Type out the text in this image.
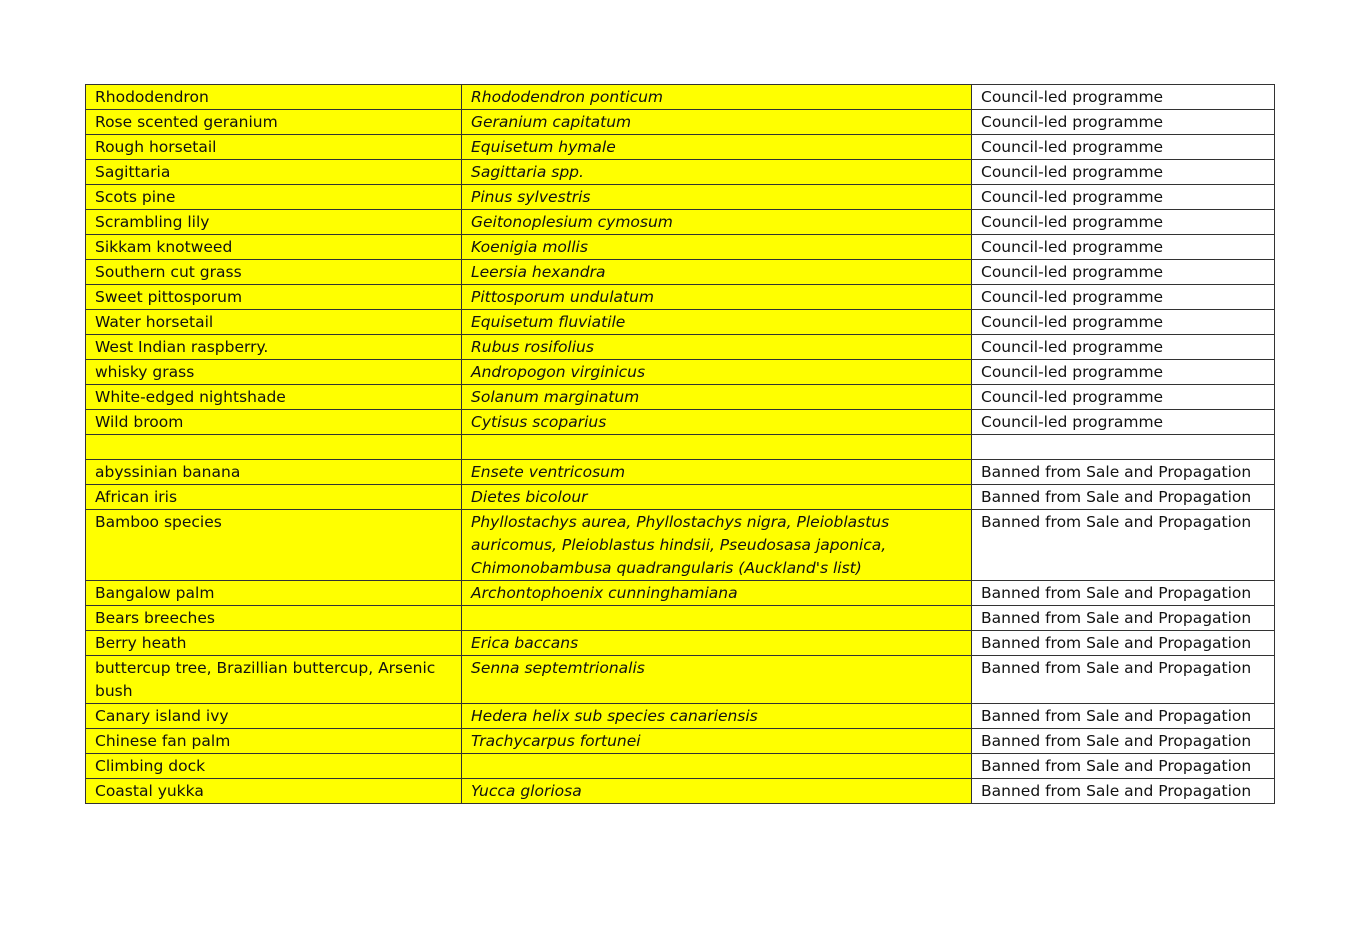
Rhododendron	Rhododendron ponticum	Council-led programme
Rose scented geranium	Geranium capitatum	Council-led programme
Rough horsetail	Equisetum hymale	Council-led programme
Sagittaria	Sagittaria spp.	Council-led programme
Scots pine	Pinus sylvestris	Council-led programme
Scrambling lily	Geitonoplesium cymosum	Council-led programme
Sikkam knotweed	Koenigia mollis	Council-led programme
Southern cut grass	Leersia hexandra	Council-led programme
Sweet pittosporum	Pittosporum undulatum	Council-led programme
Water horsetail	Equisetum fluviatile	Council-led programme
West Indian raspberry.	Rubus rosifolius	Council-led programme
whisky grass	Andropogon virginicus	Council-led programme
White-edged nightshade	Solanum marginatum	Council-led programme
Wild broom	Cytisus scoparius	Council-led programme

abyssinian banana	Ensete ventricosum	Banned from Sale and Propagation
African iris	Dietes bicolour	Banned from Sale and Propagation
Bamboo species	Phyllostachys aurea, Phyllostachys nigra, Pleioblastus auricomus, Pleioblastus hindsii, Pseudosasa japonica, Chimonobambusa quadrangularis (Auckland's list)	Banned from Sale and Propagation
Bangalow palm	Archontophoenix cunninghamiana	Banned from Sale and Propagation
Bears breeches		Banned from Sale and Propagation
Berry heath	Erica baccans	Banned from Sale and Propagation
buttercup tree, Brazillian buttercup, Arsenic bush	Senna septemtrionalis	Banned from Sale and Propagation
Canary island ivy	Hedera helix sub species canariensis	Banned from Sale and Propagation
Chinese fan palm	Trachycarpus fortunei	Banned from Sale and Propagation
Climbing dock		Banned from Sale and Propagation
Coastal yukka	Yucca gloriosa	Banned from Sale and Propagation
